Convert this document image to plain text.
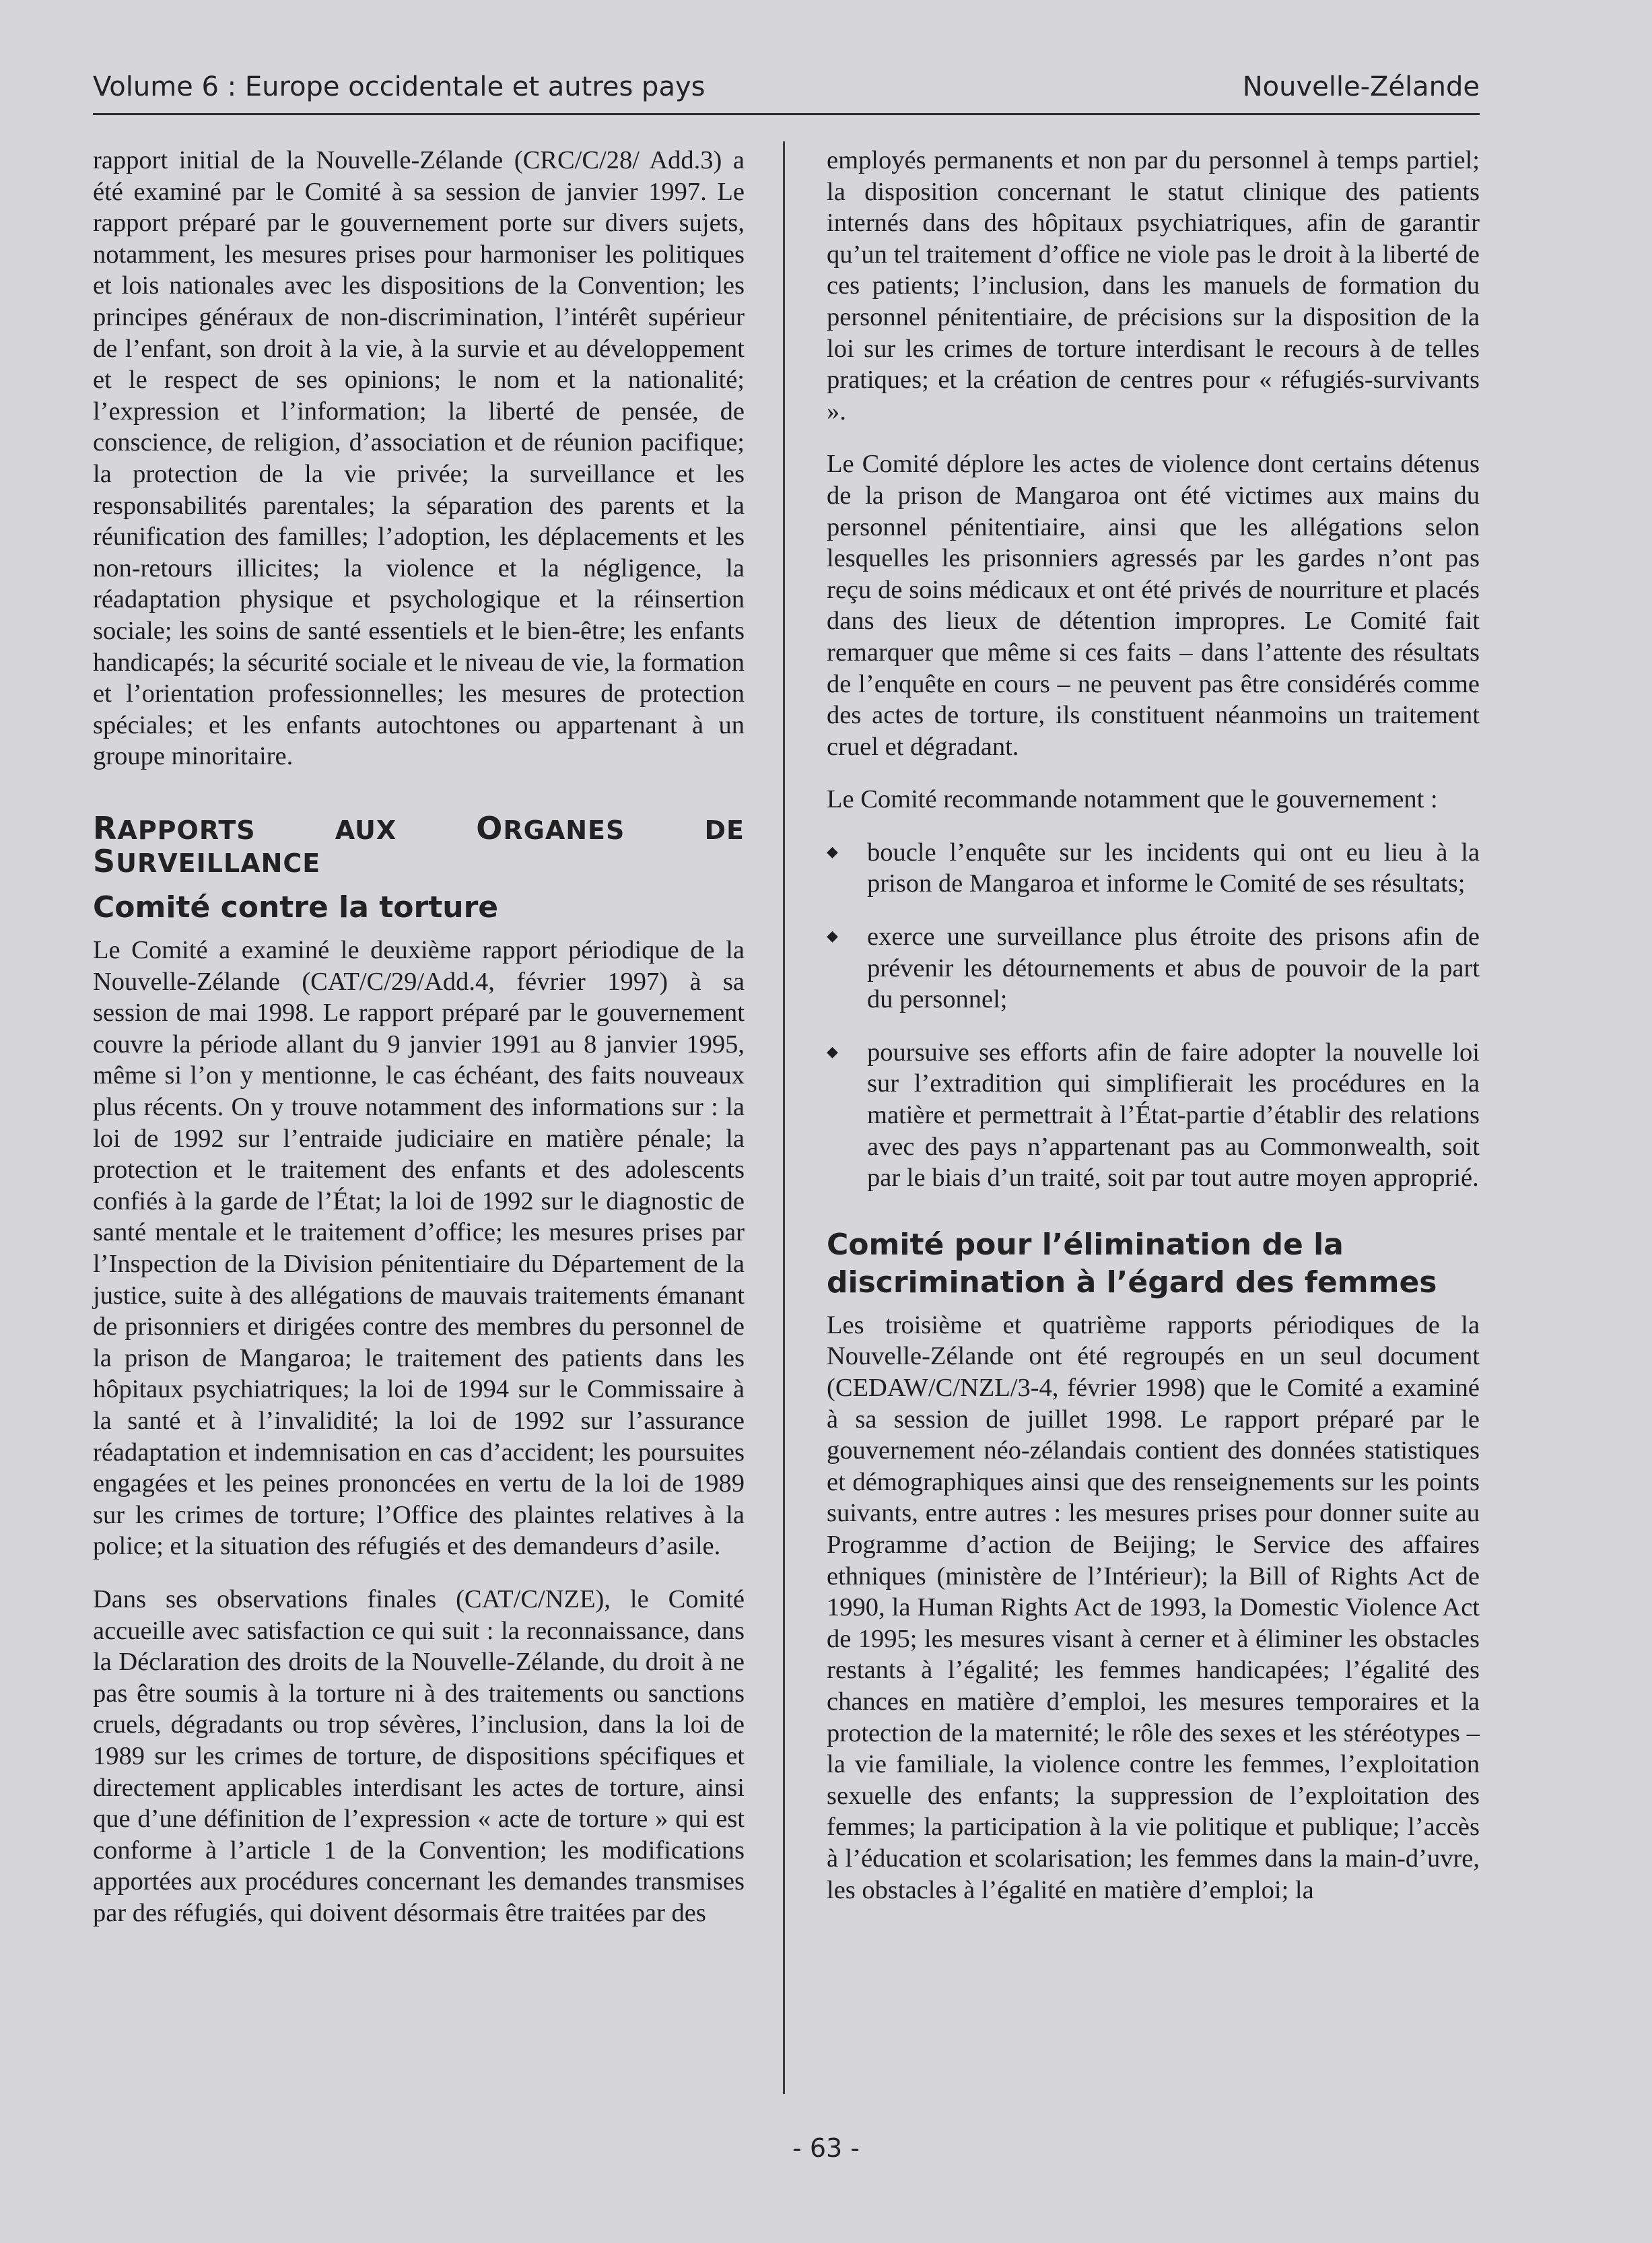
Volume 6 : Europe occidentale et autres pays	Nouvelle-Zélande

rapport initial de la Nouvelle-Zélande (CRC/C/28/ Add.3) a été examiné par le Comité à sa session de janvier 1997. Le rapport préparé par le gouvernement porte sur divers sujets, notamment, les mesures prises pour harmoniser les politiques et lois nationales avec les dispositions de la Convention; les principes généraux de non-discrimination, l’intérêt supérieur de l’enfant, son droit à la vie, à la survie et au développement et le respect de ses opinions; le nom et la nationalité; l’expression et l’information; la liberté de pensée, de conscience, de religion, d’association et de réunion pacifique; la protection de la vie privée; la surveillance et les responsabilités parentales; la séparation des parents et la réunification des familles; l’adoption, les déplacements et les non-retours illicites; la violence et la négligence, la réadaptation physique et psychologique et la réinsertion sociale; les soins de santé essentiels et le bien-être; les enfants handicapés; la sécurité sociale et le niveau de vie, la formation et l’orientation professionnelles; les mesures de protection spéciales; et les enfants autochtones ou appartenant à un groupe minoritaire.

RAPPORTS AUX ORGANES DE SURVEILLANCE
Comité contre la torture

Le Comité a examiné le deuxième rapport périodique de la Nouvelle-Zélande (CAT/C/29/Add.4, février 1997) à sa session de mai 1998. Le rapport préparé par le gouvernement couvre la période allant du 9 janvier 1991 au 8 janvier 1995, même si l’on y mentionne, le cas échéant, des faits nouveaux plus récents. On y trouve notamment des informations sur : la loi de 1992 sur l’entraide judiciaire en matière pénale; la protection et le traitement des enfants et des adolescents confiés à la garde de l’État; la loi de 1992 sur le diagnostic de santé mentale et le traitement d’office; les mesures prises par l’Inspection de la Division pénitentiaire du Département de la justice, suite à des allégations de mauvais traitements émanant de prisonniers et dirigées contre des membres du personnel de la prison de Mangaroa; le traitement des patients dans les hôpitaux psychiatriques; la loi de 1994 sur le Commissaire à la santé et à l’invalidité; la loi de 1992 sur l’assurance réadaptation et indemnisation en cas d’accident; les poursuites engagées et les peines prononcées en vertu de la loi de 1989 sur les crimes de torture; l’Office des plaintes relatives à la police; et la situation des réfugiés et des demandeurs d’asile.

Dans ses observations finales (CAT/C/NZE), le Comité accueille avec satisfaction ce qui suit : la reconnaissance, dans la Déclaration des droits de la Nouvelle-Zélande, du droit à ne pas être soumis à la torture ni à des traitements ou sanctions cruels, dégradants ou trop sévères, l’inclusion, dans la loi de 1989 sur les crimes de torture, de dispositions spécifiques et directement applicables interdisant les actes de torture, ainsi que d’une définition de l’expression « acte de torture » qui est conforme à l’article 1 de la Convention; les modifications apportées aux procédures concernant les demandes transmises par des réfugiés, qui doivent désormais être traitées par des

employés permanents et non par du personnel à temps partiel; la disposition concernant le statut clinique des patients internés dans des hôpitaux psychiatriques, afin de garantir qu’un tel traitement d’office ne viole pas le droit à la liberté de ces patients; l’inclusion, dans les manuels de formation du personnel pénitentiaire, de précisions sur la disposition de la loi sur les crimes de torture interdisant le recours à de telles pratiques; et la création de centres pour « réfugiés-survivants ».

Le Comité déplore les actes de violence dont certains détenus de la prison de Mangaroa ont été victimes aux mains du personnel pénitentiaire, ainsi que les allégations selon lesquelles les prisonniers agressés par les gardes n’ont pas reçu de soins médicaux et ont été privés de nourriture et placés dans des lieux de détention impropres. Le Comité fait remarquer que même si ces faits – dans l’attente des résultats de l’enquête en cours – ne peuvent pas être considérés comme des actes de torture, ils constituent néanmoins un traitement cruel et dégradant.

Le Comité recommande notamment que le gouvernement :

◆ boucle l’enquête sur les incidents qui ont eu lieu à la prison de Mangaroa et informe le Comité de ses résultats;
◆ exerce une surveillance plus étroite des prisons afin de prévenir les détournements et abus de pouvoir de la part du personnel;
◆ poursuive ses efforts afin de faire adopter la nouvelle loi sur l’extradition qui simplifierait les procédures en la matière et permettrait à l’État-partie d’établir des relations avec des pays n’appartenant pas au Commonwealth, soit par le biais d’un traité, soit par tout autre moyen approprié.
Comité pour l’élimination de la
discrimination à l’égard des femmes

Les troisième et quatrième rapports périodiques de la Nouvelle-Zélande ont été regroupés en un seul document (CEDAW/C/NZL/3-4, février 1998) que le Comité a examiné à sa session de juillet 1998. Le rapport préparé par le gouvernement néo-zélandais contient des données statistiques et démographiques ainsi que des renseignements sur les points suivants, entre autres : les mesures prises pour donner suite au Programme d’action de Beijing; le Service des affaires ethniques (ministère de l’Intérieur); la Bill of Rights Act de 1990, la Human Rights Act de 1993, la Domestic Violence Act de 1995; les mesures visant à cerner et à éliminer les obstacles restants à l’égalité; les femmes handicapées; l’égalité des chances en matière d’emploi, les mesures temporaires et la protection de la maternité; le rôle des sexes et les stéréotypes – la vie familiale, la violence contre les femmes, l’exploitation sexuelle des enfants; la suppression de l’exploitation des femmes; la participation à la vie politique et publique; l’accès à l’éducation et scolarisation; les femmes dans la main-d’uvre, les obstacles à l’égalité en matière d’emploi; la

- 63 -
